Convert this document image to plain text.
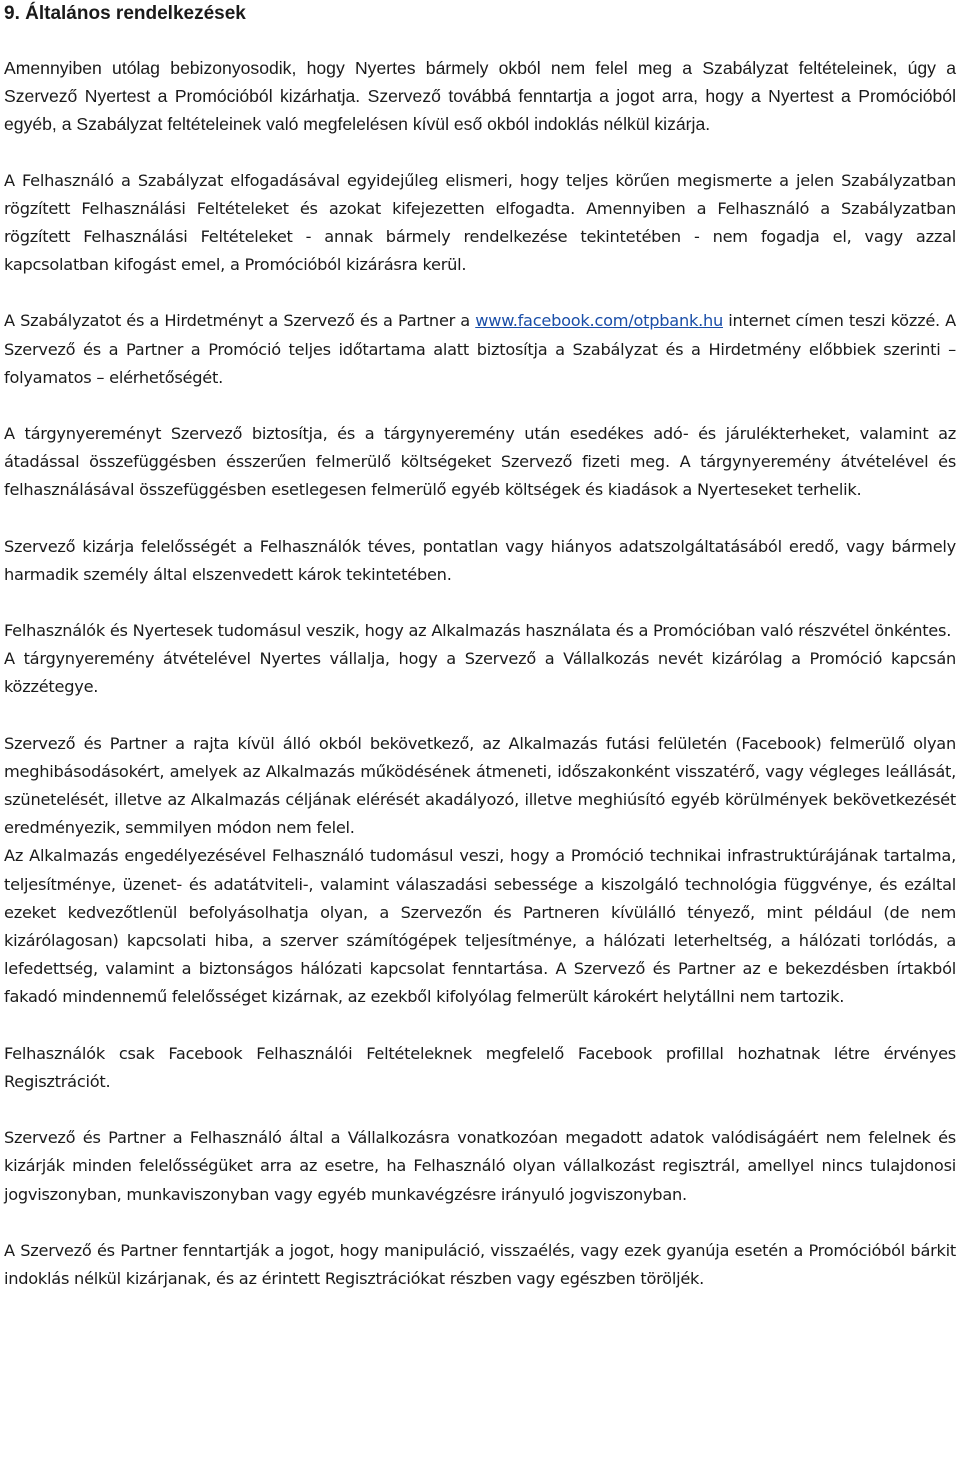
9. Általános rendelkezések

Amennyiben utólag bebizonyosodik, hogy Nyertes bármely okból nem felel meg a Szabályzat feltételeinek, úgy a Szervező Nyertest a Promócióból kizárhatja. Szervező továbbá fenntartja a jogot arra, hogy a Nyertest a Promócióból egyéb, a Szabályzat feltételeinek való megfelelésen kívül eső okból indoklás nélkül kizárja.

A Felhasználó a Szabályzat elfogadásával egyidejűleg elismeri, hogy teljes körűen megismerte a jelen Szabályzatban rögzített Felhasználási Feltételeket és azokat kifejezetten elfogadta. Amennyiben a Felhasználó a Szabályzatban rögzített Felhasználási Feltételeket - annak bármely rendelkezése tekintetében - nem fogadja el, vagy azzal kapcsolatban kifogást emel, a Promócióból kizárásra kerül.

A Szabályzatot és a Hirdetményt a Szervező és a Partner a www.facebook.com/otpbank.hu internet címen teszi közzé. A Szervező és a Partner a Promóció teljes időtartama alatt biztosítja a Szabályzat és a Hirdetmény előbbiek szerinti – folyamatos – elérhetőségét.

A tárgynyereményt Szervező biztosítja, és a tárgynyeremény után esedékes adó- és járulékterheket, valamint az átadással összefüggésben ésszerűen felmerülő költségeket Szervező fizeti meg. A tárgynyeremény átvételével és felhasználásával összefüggésben esetlegesen felmerülő egyéb költségek és kiadások a Nyerteseket terhelik.

Szervező kizárja felelősségét a Felhasználók téves, pontatlan vagy hiányos adatszolgáltatásából eredő, vagy bármely harmadik személy által elszenvedett károk tekintetében.

Felhasználók és Nyertesek tudomásul veszik, hogy az Alkalmazás használata és a Promócióban való részvétel önkéntes.

A tárgynyeremény átvételével Nyertes vállalja, hogy a Szervező a Vállalkozás nevét kizárólag a Promóció kapcsán közzétegye.

Szervező és Partner a rajta kívül álló okból bekövetkező, az Alkalmazás futási felületén (Facebook) felmerülő olyan meghibásodásokért, amelyek az Alkalmazás működésének átmeneti, időszakonként visszatérő, vagy végleges leállását, szünetelését, illetve az Alkalmazás céljának elérését akadályozó, illetve meghiúsító egyéb körülmények bekövetkezését eredményezik, semmilyen módon nem felel.

Az Alkalmazás engedélyezésével Felhasználó tudomásul veszi, hogy a Promóció technikai infrastruktúrájának tartalma, teljesítménye, üzenet- és adatátviteli-, valamint válaszadási sebessége a kiszolgáló technológia függvénye, és ezáltal ezeket kedvezőtlenül befolyásolhatja olyan, a Szervezőn és Partneren kívülálló tényező, mint például (de nem kizárólagosan) kapcsolati hiba, a szerver számítógépek teljesítménye, a hálózati leterheltség, a hálózati torlódás, a lefedettség, valamint a biztonságos hálózati kapcsolat fenntartása. A Szervező és Partner az e bekezdésben írtakból fakadó mindennemű felelősséget kizárnak, az ezekből kifolyólag felmerült károkért helytállni nem tartozik.

Felhasználók csak Facebook Felhasználói Feltételeknek megfelelő Facebook profillal hozhatnak létre érvényes Regisztrációt.

Szervező és Partner a Felhasználó által a Vállalkozásra vonatkozóan megadott adatok valódiságáért nem felelnek és kizárják minden felelősségüket arra az esetre, ha Felhasználó olyan vállalkozást regisztrál, amellyel nincs tulajdonosi jogviszonyban, munkaviszonyban vagy egyéb munkavégzésre irányuló jogviszonyban.

A Szervező és Partner fenntartják a jogot, hogy manipuláció, visszaélés, vagy ezek gyanúja esetén a Promócióból bárkit indoklás nélkül kizárjanak, és az érintett Regisztrációkat részben vagy egészben töröljék.
